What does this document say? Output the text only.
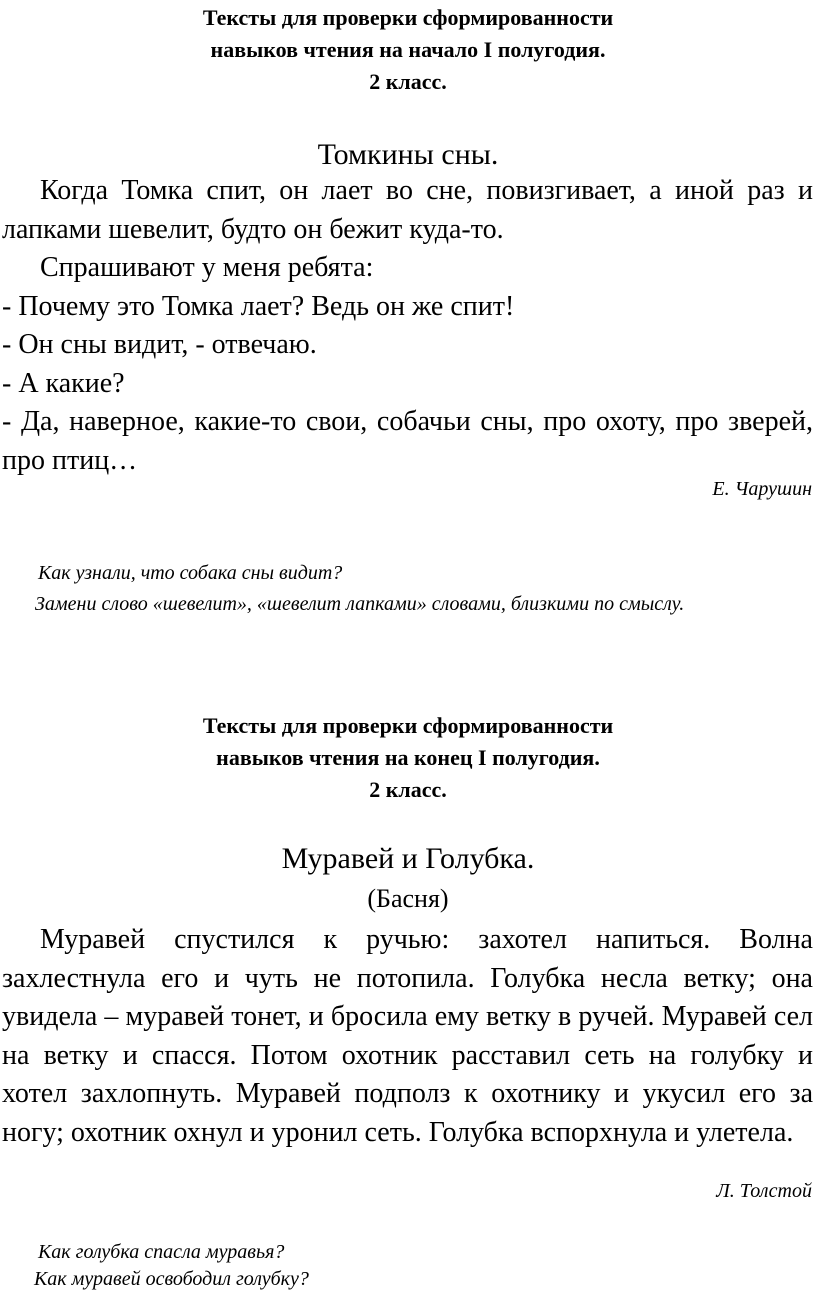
Тексты для проверки сформированности
навыков чтения на начало I полугодия.
2 класс.
Томкины сны.

Когда Томка спит, он лает во сне, повизгивает, а иной раз и лапками шевелит, будто он бежит куда-то.

Спрашивают у меня ребята:

- Почему это Томка лает? Ведь он же спит!

- Он сны видит, - отвечаю.

- А какие?

- Да, наверное, какие-то свои, собачьи сны, про охоту, про зверей, про птиц…

Е. Чарушин
Как узнали, что собака сны видит?
Замени слово «шевелит», «шевелит лапками» словами, близкими по смыслу.
Тексты для проверки сформированности
навыков чтения на конец I полугодия.
2 класс.
Муравей и Голубка.
(Басня)

Муравей спустился к ручью: захотел напиться. Волна захлестнула его и чуть не потопила. Голубка несла ветку; она увидела – муравей тонет, и бросила ему ветку в ручей. Муравей сел на ветку и спасся. Потом охотник расставил сеть на голубку и хотел захлопнуть. Муравей подполз к охотнику и укусил его за ногу; охотник охнул и уронил сеть. Голубка вспорхнула и улетела.

Л. Толстой
Как голубка спасла муравья?
Как муравей освободил голубку?
